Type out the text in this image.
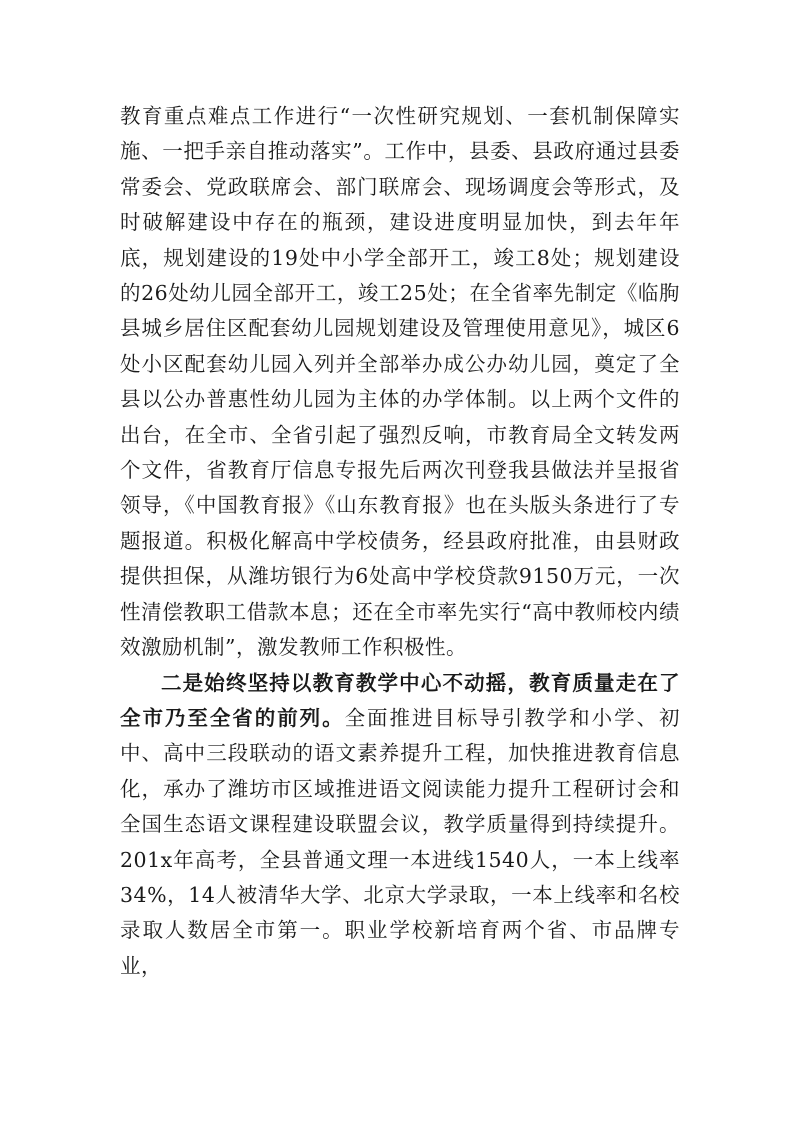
教育重点难点工作进行“一次性研究规划、一套机制保障实施、一把手亲自推动落实”。工作中，县委、县政府通过县委常委会、党政联席会、部门联席会、现场调度会等形式，及时破解建设中存在的瓶颈，建设进度明显加快，到去年年底，规划建设的19处中小学全部开工，竣工8处；规划建设的26处幼儿园全部开工，竣工25处；在全省率先制定《临朐县城乡居住区配套幼儿园规划建设及管理使用意见》，城区6处小区配套幼儿园入列并全部举办成公办幼儿园，奠定了全县以公办普惠性幼儿园为主体的办学体制。以上两个文件的出台，在全市、全省引起了强烈反响，市教育局全文转发两个文件，省教育厅信息专报先后两次刊登我县做法并呈报省领导，《中国教育报》《山东教育报》也在头版头条进行了专题报道。积极化解高中学校债务，经县政府批准，由县财政提供担保，从潍坊银行为6处高中学校贷款9150万元，一次性清偿教职工借款本息；还在全市率先实行“高中教师校内绩效激励机制”，激发教师工作积极性。

二是始终坚持以教育教学中心不动摇，教育质量走在了全市乃至全省的前列。全面推进目标导引教学和小学、初中、高中三段联动的语文素养提升工程，加快推进教育信息化，承办了潍坊市区域推进语文阅读能力提升工程研讨会和全国生态语文课程建设联盟会议，教学质量得到持续提升。201x年高考，全县普通文理一本进线1540人，一本上线率34%，14人被清华大学、北京大学录取，一本上线率和名校录取人数居全市第一。职业学校新培育两个省、市品牌专业，
